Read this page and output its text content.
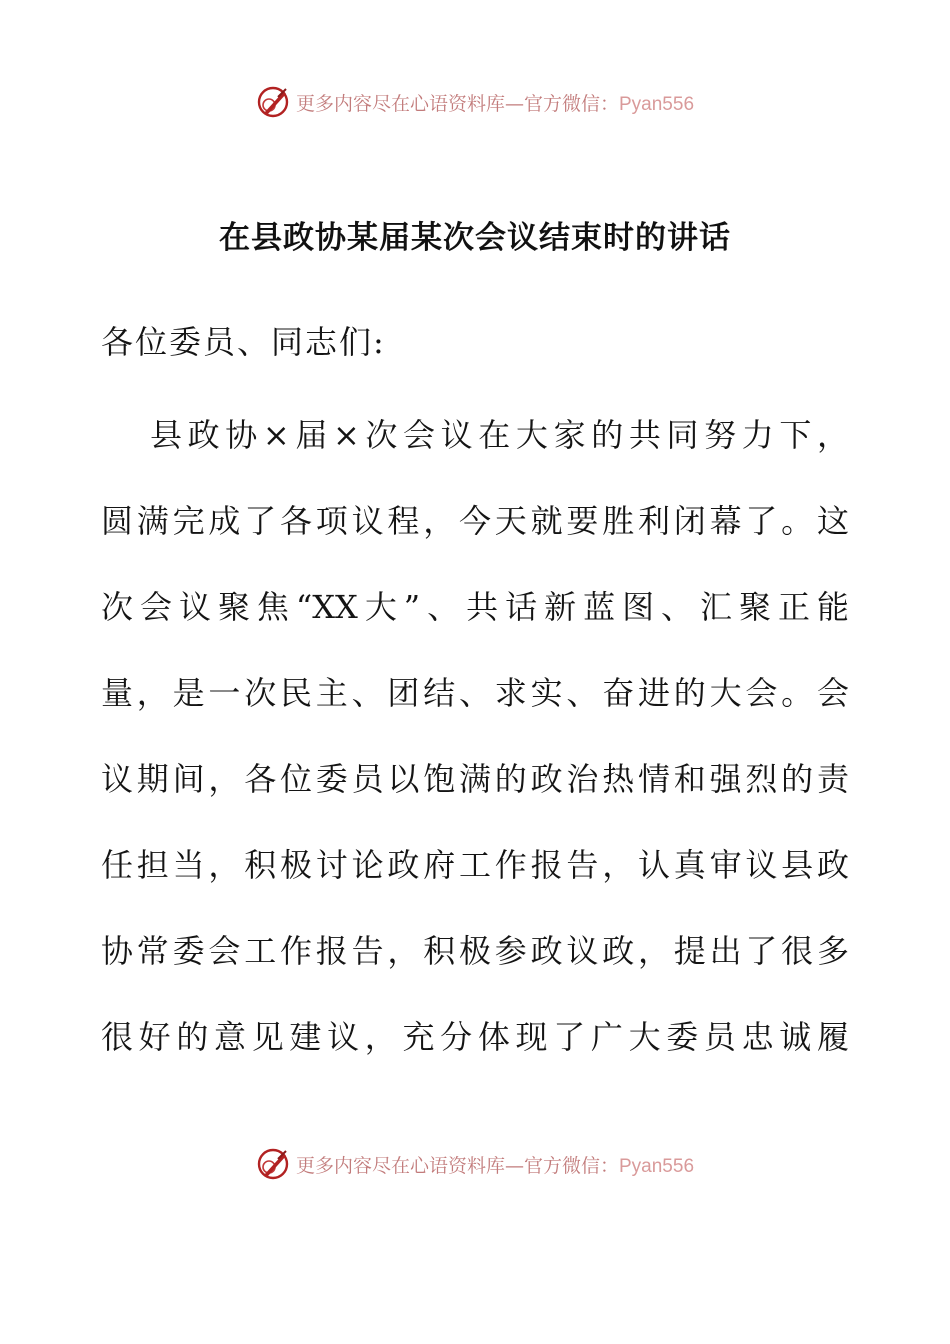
更多内容尽在心语资料库—官方微信：Pyan556
在县政协某届某次会议结束时的讲话
各位委员、同志们:
县政协×届×次会议在大家的共同努力下，
圆满完成了各项议程，今天就要胜利闭幕了。这
次会议聚焦“XX大”、共话新蓝图、汇聚正能
量，是一次民主、团结、求实、奋进的大会。会
议期间，各位委员以饱满的政治热情和强烈的责
任担当，积极讨论政府工作报告，认真审议县政
协常委会工作报告，积极参政议政，提出了很多
很好的意见建议，充分体现了广大委员忠诚履
更多内容尽在心语资料库—官方微信：Pyan556
